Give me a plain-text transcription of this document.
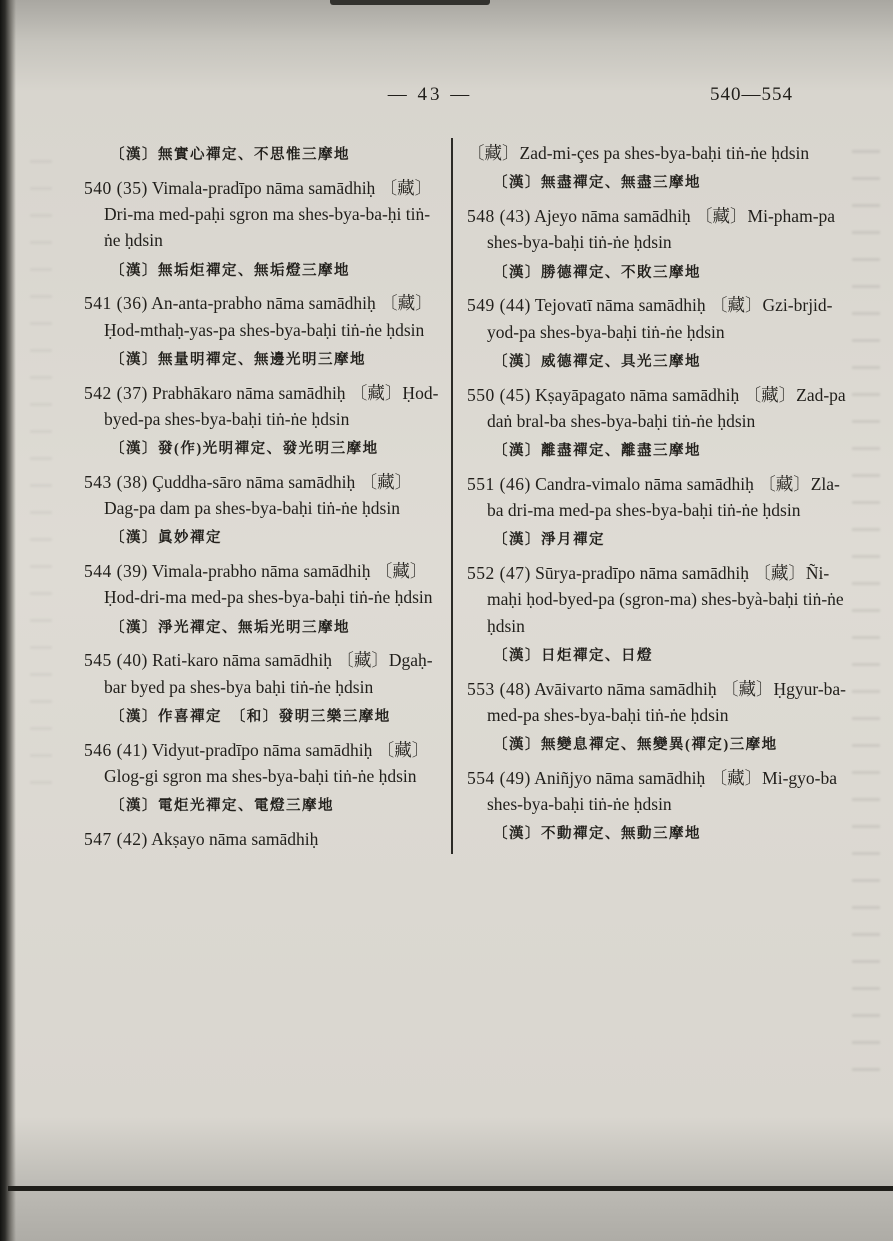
— 43 —	540—554

〔漢〕無實心禪定、不思惟三摩地

540 (35) Vimala-pradīpo nāma samādhiḥ 〔藏〕Dri-ma med-paḥi sgron ma shes-bya-ba-ḥi tiṅ-ṅe ḥdsin

〔漢〕無垢炬禪定、無垢燈三摩地

541 (36) An-anta-prabho nāma samādhiḥ 〔藏〕Ḥod-mthaḥ-yas-pa shes-bya-baḥi tiṅ-ṅe ḥdsin

〔漢〕無量明禪定、無邊光明三摩地

542 (37) Prabhākaro nāma samādhiḥ 〔藏〕Ḥod-byed-pa shes-bya-baḥi tiṅ-ṅe ḥdsin

〔漢〕發(作)光明禪定、發光明三摩地

543 (38) Çuddha-sāro nāma samādhiḥ 〔藏〕Dag-pa dam pa shes-bya-baḥi tiṅ-ṅe ḥdsin

〔漢〕眞妙禪定

544 (39) Vimala-prabho nāma samādhiḥ 〔藏〕Ḥod-dri-ma med-pa shes-bya-baḥi tiṅ-ṅe ḥdsin

〔漢〕淨光禪定、無垢光明三摩地

545 (40) Rati-karo nāma samādhiḥ 〔藏〕Dgaḥ-bar byed pa shes-bya baḥi tiṅ-ṅe ḥdsin

〔漢〕作喜禪定　〔和〕發明三樂三摩地

546 (41) Vidyut-pradīpo nāma samādhiḥ 〔藏〕Glog-gi sgron ma shes-bya-baḥi tiṅ-ṅe ḥdsin

〔漢〕電炬光禪定、電燈三摩地

547 (42) Akṣayo nāma samādhiḥ

〔藏〕Zad-mi-çes pa shes-bya-baḥi tiṅ-ṅe ḥdsin

〔漢〕無盡禪定、無盡三摩地

548 (43) Ajeyo nāma samādhiḥ 〔藏〕Mi-pham-pa shes-bya-baḥi tiṅ-ṅe ḥdsin

〔漢〕勝德禪定、不敗三摩地

549 (44) Tejovatī nāma samādhiḥ 〔藏〕Gzi-brjid-yod-pa shes-bya-baḥi tiṅ-ṅe ḥdsin

〔漢〕威德禪定、具光三摩地

550 (45) Kṣayāpagato nāma samādhiḥ 〔藏〕Zad-pa daṅ bral-ba shes-bya-baḥi tiṅ-ṅe ḥdsin

〔漢〕離盡禪定、離盡三摩地

551 (46) Candra-vimalo nāma samādhiḥ 〔藏〕Zla-ba dri-ma med-pa shes-bya-baḥi tiṅ-ṅe ḥdsin

〔漢〕淨月禪定

552 (47) Sūrya-pradīpo nāma samādhiḥ 〔藏〕Ñi-maḥi ḥod-byed-pa (sgron-ma) shes-byà-baḥi tiṅ-ṅe ḥdsin

〔漢〕日炬禪定、日燈

553 (48) Avāivarto nāma samādhiḥ 〔藏〕Ḥgyur-ba-med-pa shes-bya-baḥi tiṅ-ṅe ḥdsin

〔漢〕無變息禪定、無變異(禪定)三摩地

554 (49) Aniñjyo nāma samādhiḥ 〔藏〕Mi-gyo-ba shes-bya-baḥi tiṅ-ṅe ḥdsin

〔漢〕不動禪定、無動三摩地
